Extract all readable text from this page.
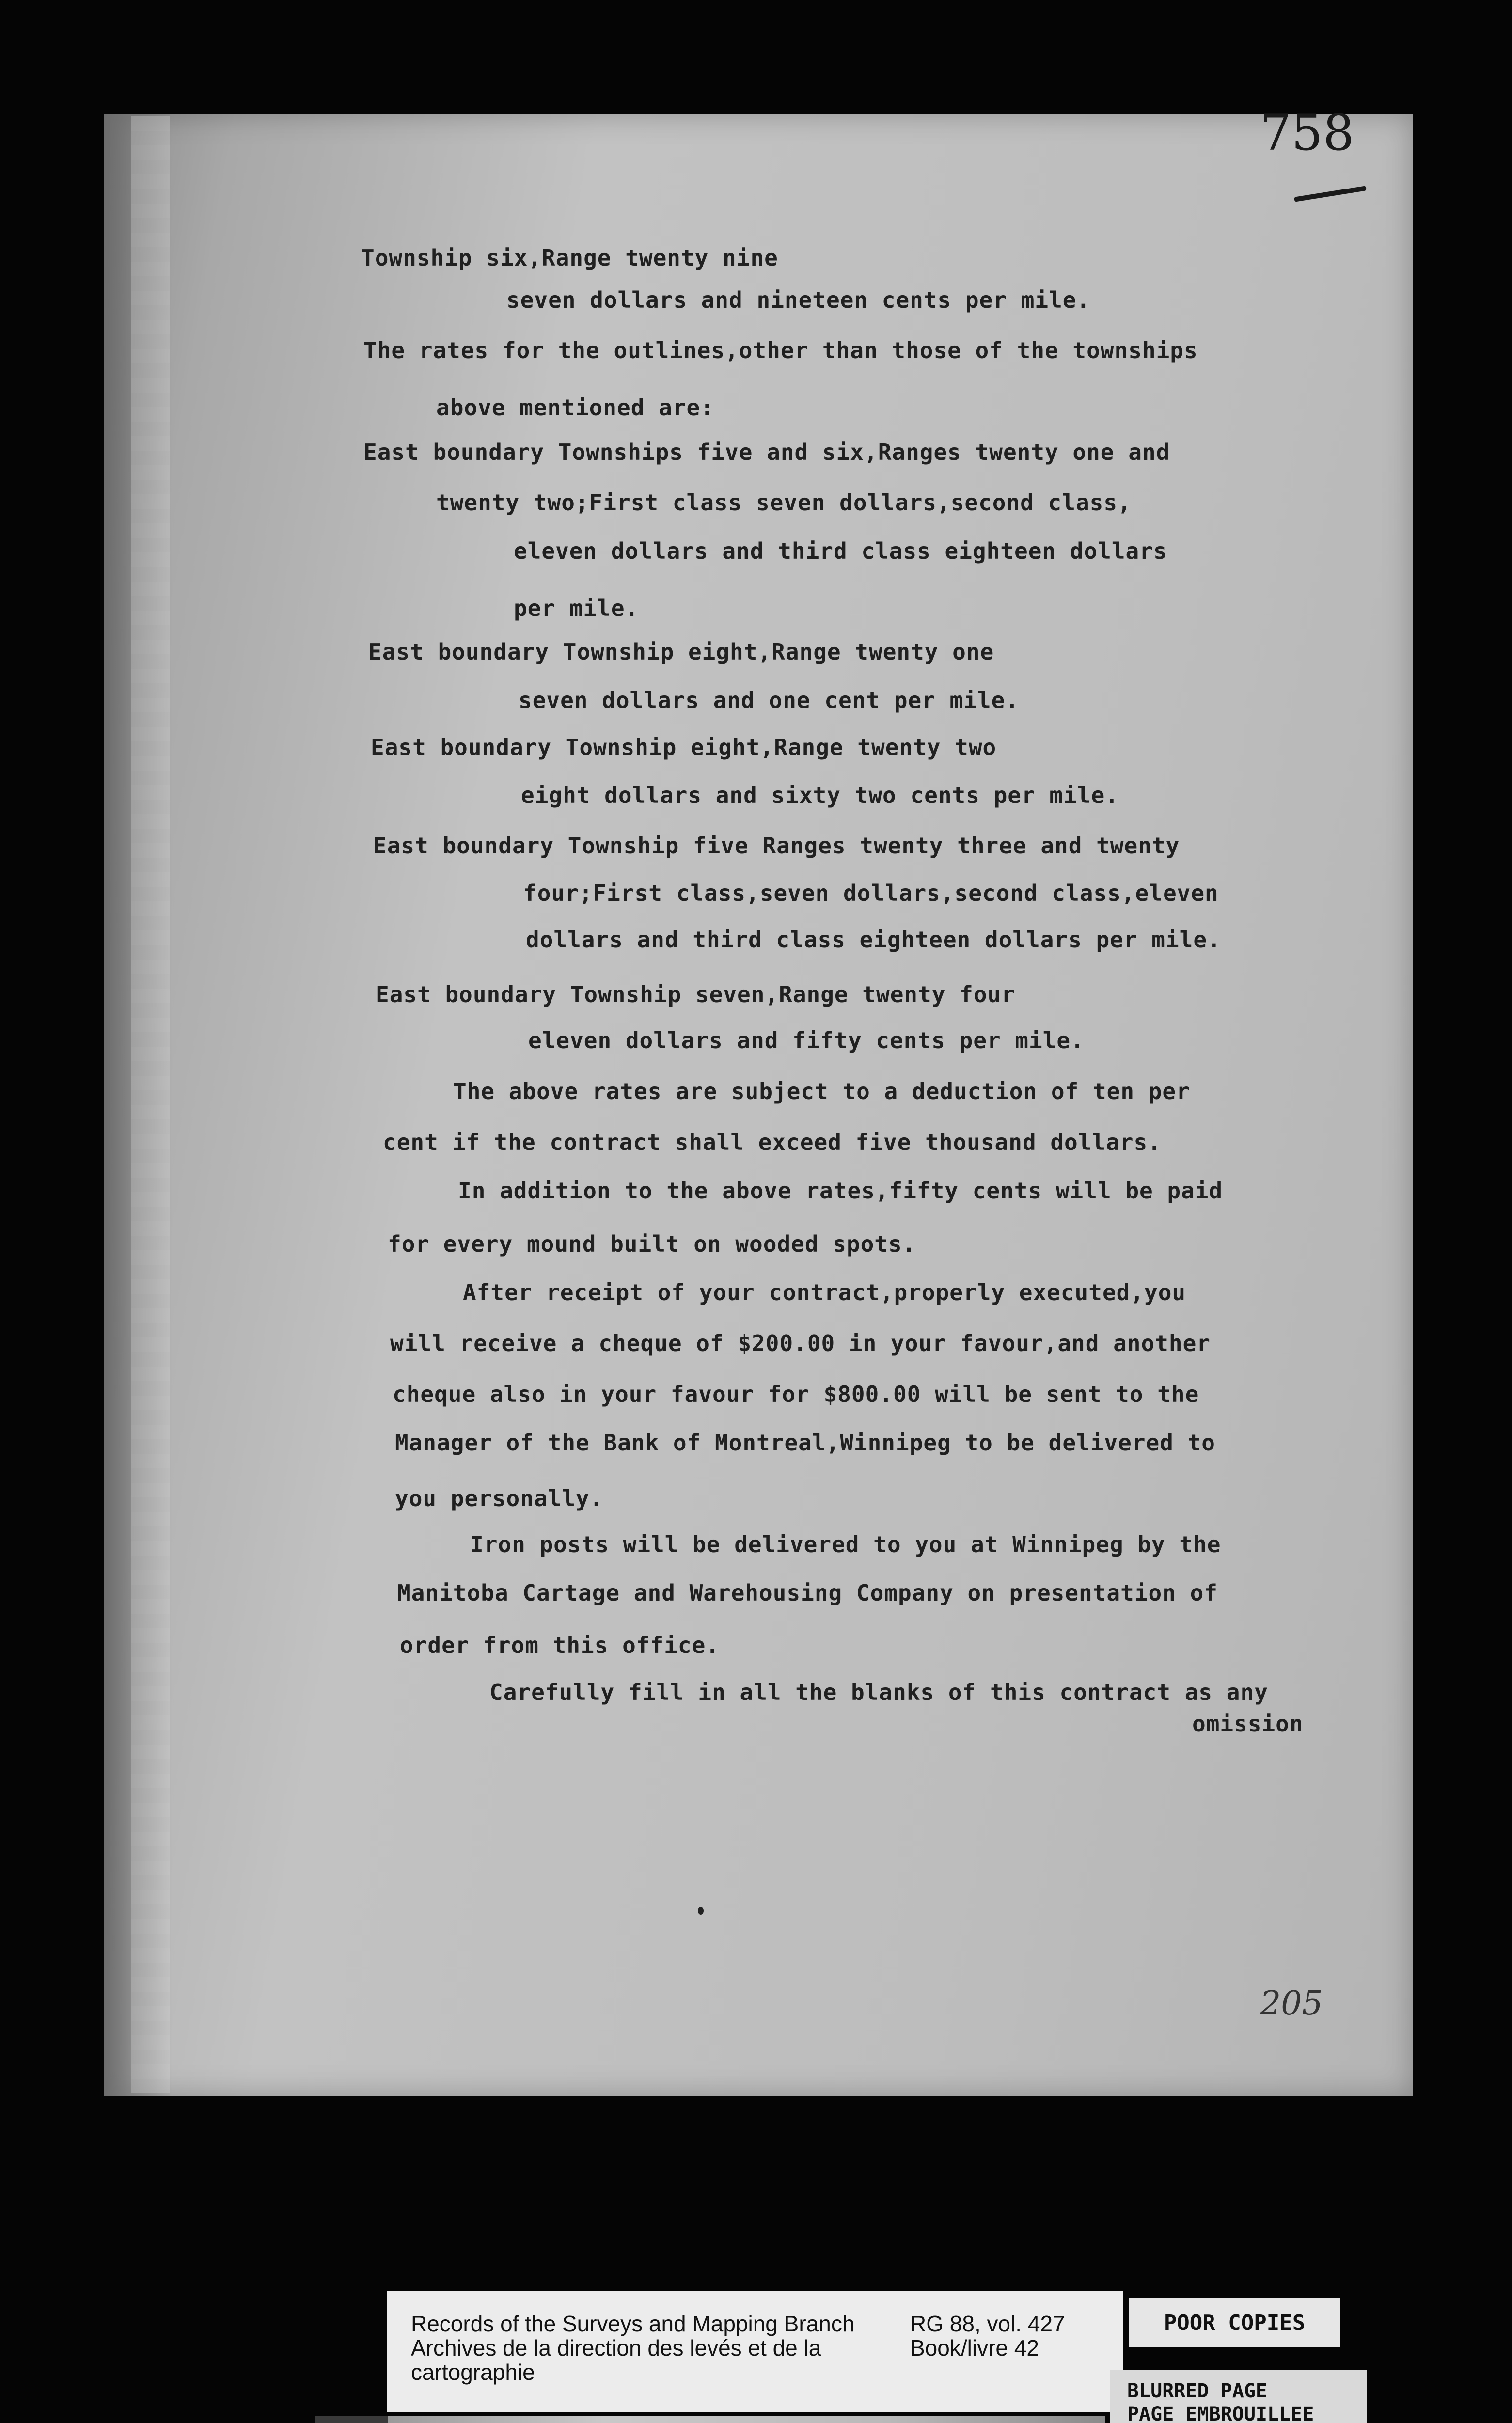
758
Township six,Range twenty nine
seven dollars and nineteen cents per mile.
The rates for the outlines,other than those of the townships
above mentioned are:
East boundary Townships five and six,Ranges twenty one and
twenty two;First class seven dollars,second class,
eleven dollars and third class eighteen dollars
per mile.
East boundary Township eight,Range twenty one
seven dollars and one cent per mile.
East boundary Township eight,Range twenty two
eight dollars and sixty two cents per mile.
East boundary Township five Ranges twenty three and twenty
four;First class,seven dollars,second class,eleven
dollars and third class eighteen dollars per mile.
East boundary Township seven,Range twenty four
eleven dollars and fifty cents per mile.
The above rates are subject to a deduction of ten per
cent if the contract shall exceed five thousand dollars.
In addition to the above rates,fifty cents will be paid
for every mound built on wooded spots.
After receipt of your contract,properly executed,you
will receive a cheque of $200.00 in your favour,and another
cheque also in your favour for $800.00 will be sent to the
Manager of the Bank of Montreal,Winnipeg to be delivered to
you personally.
Iron posts will be delivered to you at Winnipeg by the
Manitoba Cartage and Warehousing Company on presentation of
order from this office.
Carefully fill in all the blanks of this contract as any
omission
205
Records of the Surveys and Mapping Branch
Archives de la direction des levés et de la
cartographie
RG 88, vol. 427
Book/livre 42
POOR COPIES
BLURRED PAGE
PAGE EMBROUILLEE
